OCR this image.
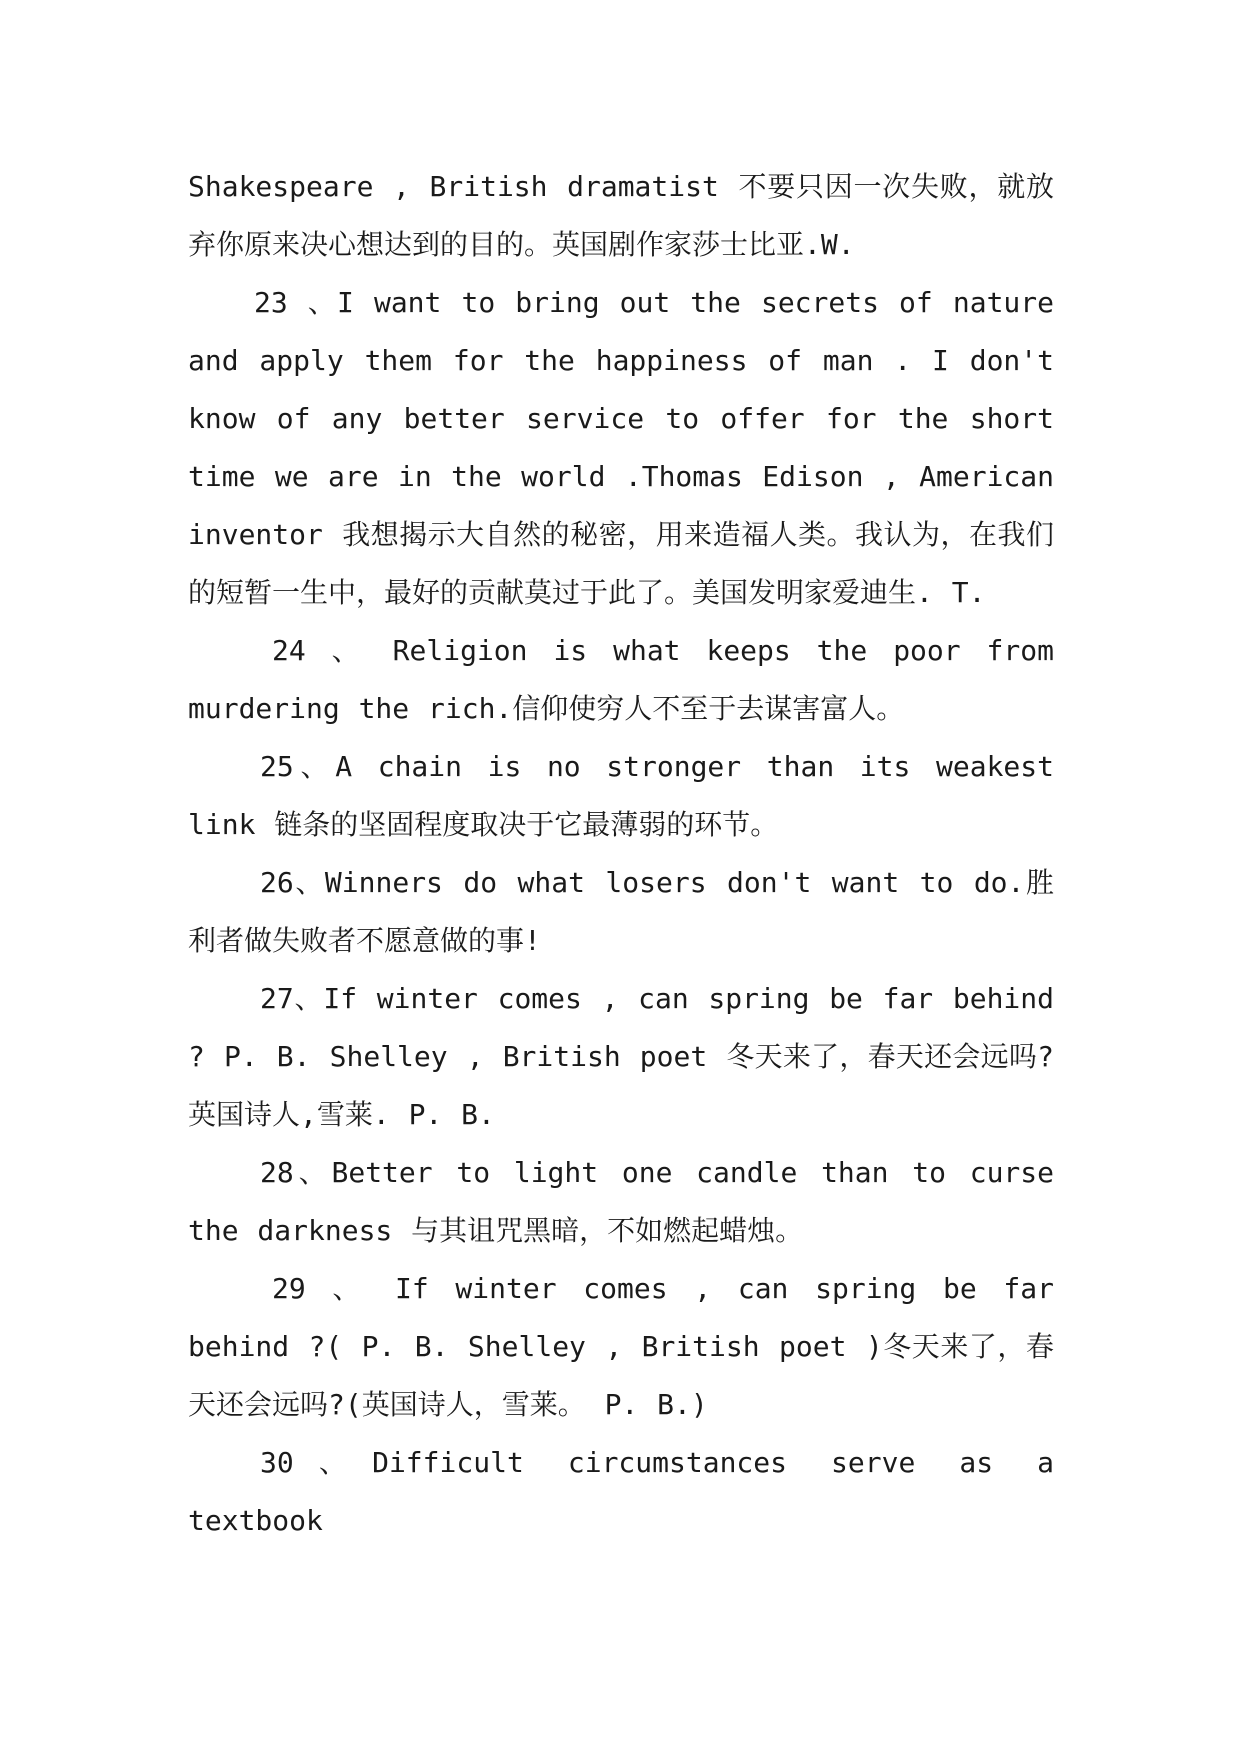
Shakespeare , British dramatist 不要只因一次失败，就放弃你原来决心想达到的目的。英国剧作家莎士比亚.W.

23 、I want to bring out the secrets of nature and apply them for the happiness of man . I don't know of any better service to offer for the short time we are in the world .Thomas Edison , American inventor 我想揭示大自然的秘密，用来造福人类。我认为，在我们的短暂一生中，最好的贡献莫过于此了。美国发明家爱迪生. T.

24 、 Religion is what keeps the poor from murdering the rich.信仰使穷人不至于去谋害富人。

25、A chain is no stronger than its weakest link 链条的坚固程度取决于它最薄弱的环节。

26、Winners do what losers don't want to do.胜利者做失败者不愿意做的事!

27、If winter comes , can spring be far behind ? P. B. Shelley , British poet 冬天来了，春天还会远吗? 英国诗人,雪莱. P. B.

28、Better to light one candle than to curse the darkness 与其诅咒黑暗，不如燃起蜡烛。

29 、 If winter comes , can spring be far behind ?( P. B. Shelley , British poet )冬天来了，春天还会远吗?(英国诗人，雪莱。 P. B.)

30、Difficult circumstances serve as a textbook
